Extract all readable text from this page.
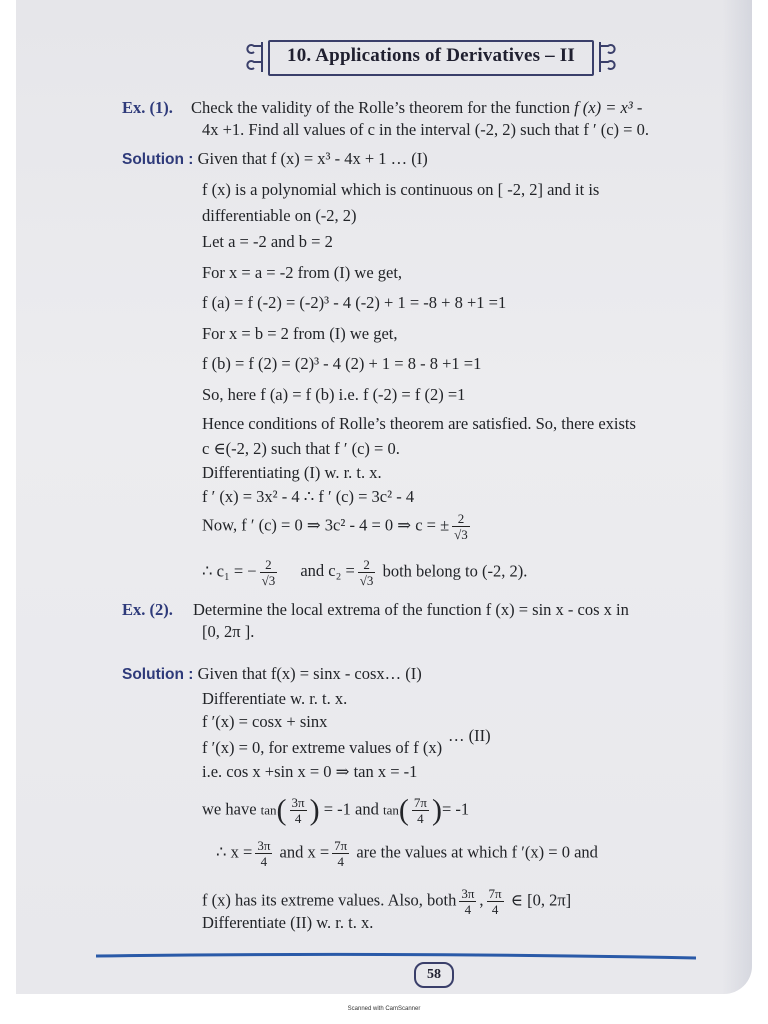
10. Applications of Derivatives – II
Ex. (1). Check the validity of the Rolle’s theorem for the function f (x) = x³ -
4x +1. Find all values of c in the interval (-2, 2) such that f ′ (c) = 0.
Solution : Given that f (x) = x³ - 4x + 1 … (I)
f (x) is a polynomial which is continuous on [ -2, 2] and it is
differentiable on (-2, 2)
Let a = -2 and b = 2
For x = a = -2 from (I) we get,
f (a) = f (-2) = (-2)³ - 4 (-2) + 1 = -8 + 8 +1 =1
For x = b = 2 from (I) we get,
f (b) = f (2) = (2)³ - 4 (2) + 1 = 8 - 8 +1 =1
So, here f (a) = f (b) i.e. f (-2) = f (2) =1
Hence conditions of Rolle’s theorem are satisfied. So, there exists
c ∈(-2, 2) such that f ′ (c) = 0.
Differentiating (I) w. r. t. x.
f ′ (x) = 3x² - 4 ∴ f ′ (c) = 3c² - 4
Now, f ′ (c) = 0 ⇒ 3c² - 4 = 0 ⇒ c = ± $\frac{2}{√3}$
∴ c₁ = − $\frac{2}{√3}$ and $c_2 = \frac{2}{√3}$ both belong to (-2, 2).
Ex. (2). Determine the local extrema of the function f (x) = sin x - cos x in
[0, 2π ].
Solution : Given that f(x) = sinx - cosx… (I)
Differentiate w. r. t. x.
f ′(x) = cosx + sinx
… (II)
f ′(x) = 0, for extreme values of f (x)
i.e. cos x +sin x = 0 ⇒ tan x = -1
we have $\tan( \frac{3\pi}{4}$ ) = -1 and $\tan( \frac{7\pi}{4}$ )= -1
∴ $x = \frac{3\pi}{4}$ and $x = \frac{7\pi}{4}$ are the values at which f ′(x) = 0 and
f (x) has its extreme values. Also, both $\frac{3\pi}{4}$ , $\frac{7\pi}{4}$ ∈ [0, 2π]
Differentiate (II) w. r. t. x.
58
Scanned with CamScanner
